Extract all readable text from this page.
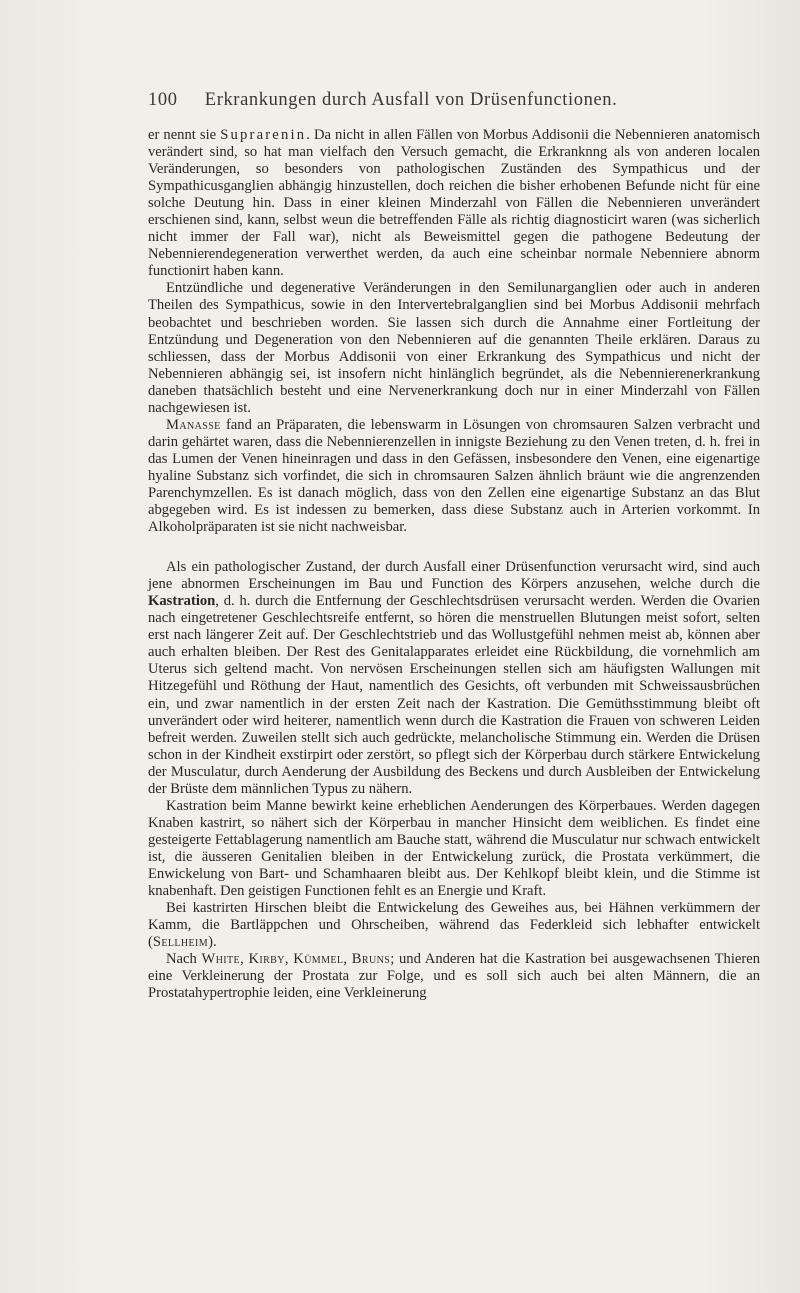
100 Erkrankungen durch Ausfall von Drüsenfunctionen.

er nennt sie Suprarenin. Da nicht in allen Fällen von Morbus Addisonii die Nebennieren anatomisch verändert sind, so hat man vielfach den Versuch gemacht, die Erkranknng als von anderen localen Veränderungen, so besonders von pathologischen Zuständen des Sympathicus und der Sympathicusganglien abhängig hinzustellen, doch reichen die bisher erhobenen Befunde nicht für eine solche Deutung hin. Dass in einer kleinen Minderzahl von Fällen die Nebennieren unverändert erschienen sind, kann, selbst weun die betreffenden Fälle als richtig diagnosticirt waren (was sicherlich nicht immer der Fall war), nicht als Beweismittel gegen die pathogene Bedeutung der Nebennierendegeneration verwerthet werden, da auch eine scheinbar normale Nebenniere abnorm functionirt haben kann.

Entzündliche und degenerative Veränderungen in den Semilunarganglien oder auch in anderen Theilen des Sympathicus, sowie in den Intervertebralganglien sind bei Morbus Addisonii mehrfach beobachtet und beschrieben worden. Sie lassen sich durch die Annahme einer Fortleitung der Entzündung und Degeneration von den Nebennieren auf die genannten Theile erklären. Daraus zu schliessen, dass der Morbus Addisonii von einer Erkrankung des Sympathicus und nicht der Nebennieren abhängig sei, ist insofern nicht hinlänglich begründet, als die Nebennierenerkrankung daneben thatsächlich besteht und eine Nervenerkrankung doch nur in einer Minderzahl von Fällen nachgewiesen ist.

Manasse fand an Präparaten, die lebenswarm in Lösungen von chromsauren Salzen verbracht und darin gehärtet waren, dass die Nebennierenzellen in innigste Beziehung zu den Venen treten, d. h. frei in das Lumen der Venen hineinragen und dass in den Gefässen, insbesondere den Venen, eine eigenartige hyaline Substanz sich vorfindet, die sich in chromsauren Salzen ähnlich bräunt wie die angrenzenden Parenchymzellen. Es ist danach möglich, dass von den Zellen eine eigenartige Substanz an das Blut abgegeben wird. Es ist indessen zu bemerken, dass diese Substanz auch in Arterien vorkommt. In Alkoholpräparaten ist sie nicht nachweisbar.

Als ein pathologischer Zustand, der durch Ausfall einer Drüsenfunction verursacht wird, sind auch jene abnormen Erscheinungen im Bau und Function des Körpers anzusehen, welche durch die Kastration, d. h. durch die Entfernung der Geschlechtsdrüsen verursacht werden. Werden die Ovarien nach eingetretener Geschlechtsreife entfernt, so hören die menstruellen Blutungen meist sofort, selten erst nach längerer Zeit auf. Der Geschlechtstrieb und das Wollustgefühl nehmen meist ab, können aber auch erhalten bleiben. Der Rest des Genitalapparates erleidet eine Rückbildung, die vornehmlich am Uterus sich geltend macht. Von nervösen Erscheinungen stellen sich am häufigsten Wallungen mit Hitzegefühl und Röthung der Haut, namentlich des Gesichts, oft verbunden mit Schweissausbrüchen ein, und zwar namentlich in der ersten Zeit nach der Kastration. Die Gemüthsstimmung bleibt oft unverändert oder wird heiterer, namentlich wenn durch die Kastration die Frauen von schweren Leiden befreit werden. Zuweilen stellt sich auch gedrückte, melancholische Stimmung ein. Werden die Drüsen schon in der Kindheit exstirpirt oder zerstört, so pflegt sich der Körperbau durch stärkere Entwickelung der Musculatur, durch Aenderung der Ausbildung des Beckens und durch Ausbleiben der Entwickelung der Brüste dem männlichen Typus zu nähern.

Kastration beim Manne bewirkt keine erheblichen Aenderungen des Körperbaues. Werden dagegen Knaben kastrirt, so nähert sich der Körperbau in mancher Hinsicht dem weiblichen. Es findet eine gesteigerte Fettablagerung namentlich am Bauche statt, während die Musculatur nur schwach entwickelt ist, die äusseren Genitalien bleiben in der Entwickelung zurück, die Prostata verkümmert, die Enwickelung von Bart- und Schamhaaren bleibt aus. Der Kehlkopf bleibt klein, und die Stimme ist knabenhaft. Den geistigen Functionen fehlt es an Energie und Kraft.

Bei kastrirten Hirschen bleibt die Entwickelung des Geweihes aus, bei Hähnen verkümmern der Kamm, die Bartläppchen und Ohrscheiben, während das Federkleid sich lebhafter entwickelt (Sellheim).

Nach White, Kirby, Kümmel, Bruns; und Anderen hat die Kastration bei ausgewachsenen Thieren eine Verkleinerung der Prostata zur Folge, und es soll sich auch bei alten Männern, die an Prostatahypertrophie leiden, eine Verkleinerung
